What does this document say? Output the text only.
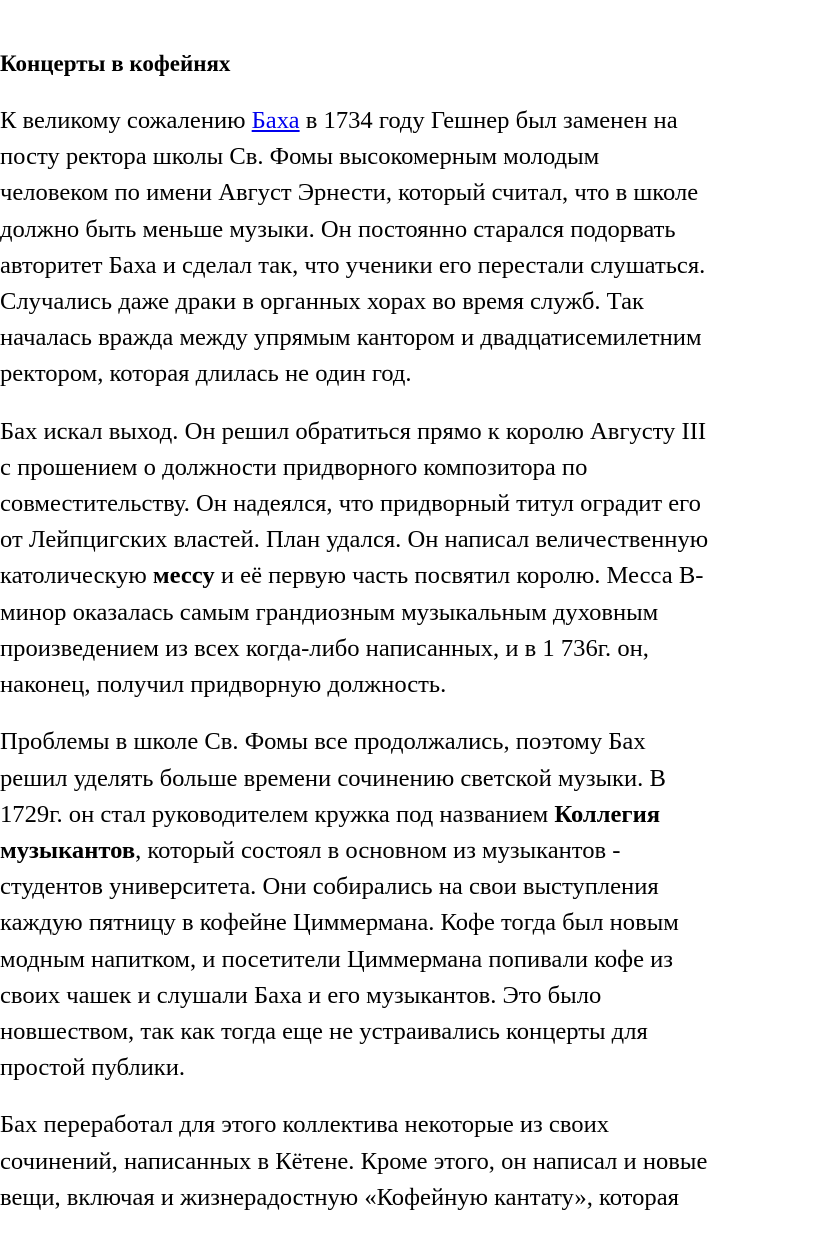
Концерты в кофейнях

К великому сожалению Баха в 1734 году Гешнер был заменен на
посту ректора школы Св. Фомы высокомерным молодым
человеком по имени Август Эрнести, который считал, что в школе
должно быть меньше музыки. Он постоянно старался подорвать
авторитет Баха и сделал так, что ученики его перестали слушаться.
Случались даже драки в органных хорах во время служб. Так
началась вражда между упрямым кантором и двадцатисемилетним
ректором, которая длилась не один год.

Бах искал выход. Он решил обратиться прямо к королю Августу III
с прошением о должности придворного композитора по
совместительству. Он надеялся, что придворный титул оградит его
от Лейпцигских властей. План удался. Он написал величественную
католическую мессу и её первую часть посвятил королю. Месса B-
минор оказалась самым грандиозным музыкальным духовным
произведением из всех когда-либо написанных, и в 1 736г. он,
наконец, получил придворную должность.

Проблемы в школе Св. Фомы все продолжались, поэтому Бах
решил уделять больше времени сочинению светской музыки. В
1729г. он стал руководителем кружка под названием Коллегия
музыкантов, который состоял в основном из музыкантов -
студентов университета. Они собирались на свои выступления
каждую пятницу в кофейне Циммермана. Кофе тогда был новым
модным напитком, и посетители Циммермана попивали кофе из
своих чашек и слушали Баха и его музыкантов. Это было
новшеством, так как тогда еще не устраивались концерты для
простой публики.

Бах переработал для этого коллектива некоторые из своих
сочинений, написанных в Кётене. Кроме этого, он написал и новые
вещи, включая и жизнерадостную «Кофейную кантату», которая
